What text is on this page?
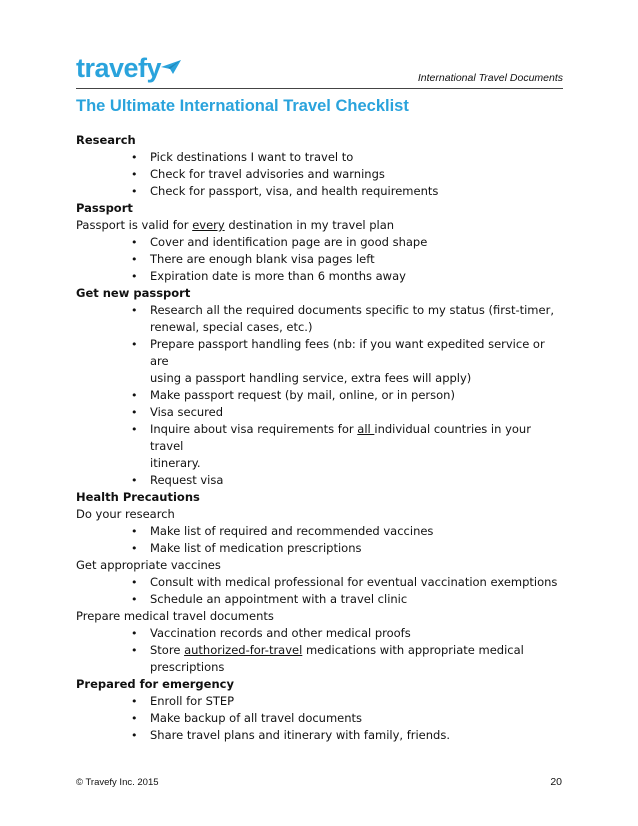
travefy	International Travel Documents
The Ultimate International Travel Checklist

Research

• Pick destinations I want to travel to
• Check for travel advisories and warnings
• Check for passport, visa, and health requirements

Passport

Passport is valid for every destination in my travel plan

• Cover and identification page are in good shape
• There are enough blank visa pages left
• Expiration date is more than 6 months away

Get new passport

• Research all the required documents specific to my status (first-timer,
renewal, special cases, etc.)
• Prepare passport handling fees (nb: if you want expedited service or are
using a passport handling service, extra fees will apply)
• Make passport request (by mail, online, or in person)
• Visa secured
• Inquire about visa requirements for all individual countries in your travel
itinerary.
• Request visa

Health Precautions

Do your research

• Make list of required and recommended vaccines
• Make list of medication prescriptions

Get appropriate vaccines

• Consult with medical professional for eventual vaccination exemptions
• Schedule an appointment with a travel clinic

Prepare medical travel documents

• Vaccination records and other medical proofs
• Store authorized-for-travel medications with appropriate medical
prescriptions

Prepared for emergency

• Enroll for STEP
• Make backup of all travel documents
• Share travel plans and itinerary with family, friends.
© Travefy Inc. 2015	20
